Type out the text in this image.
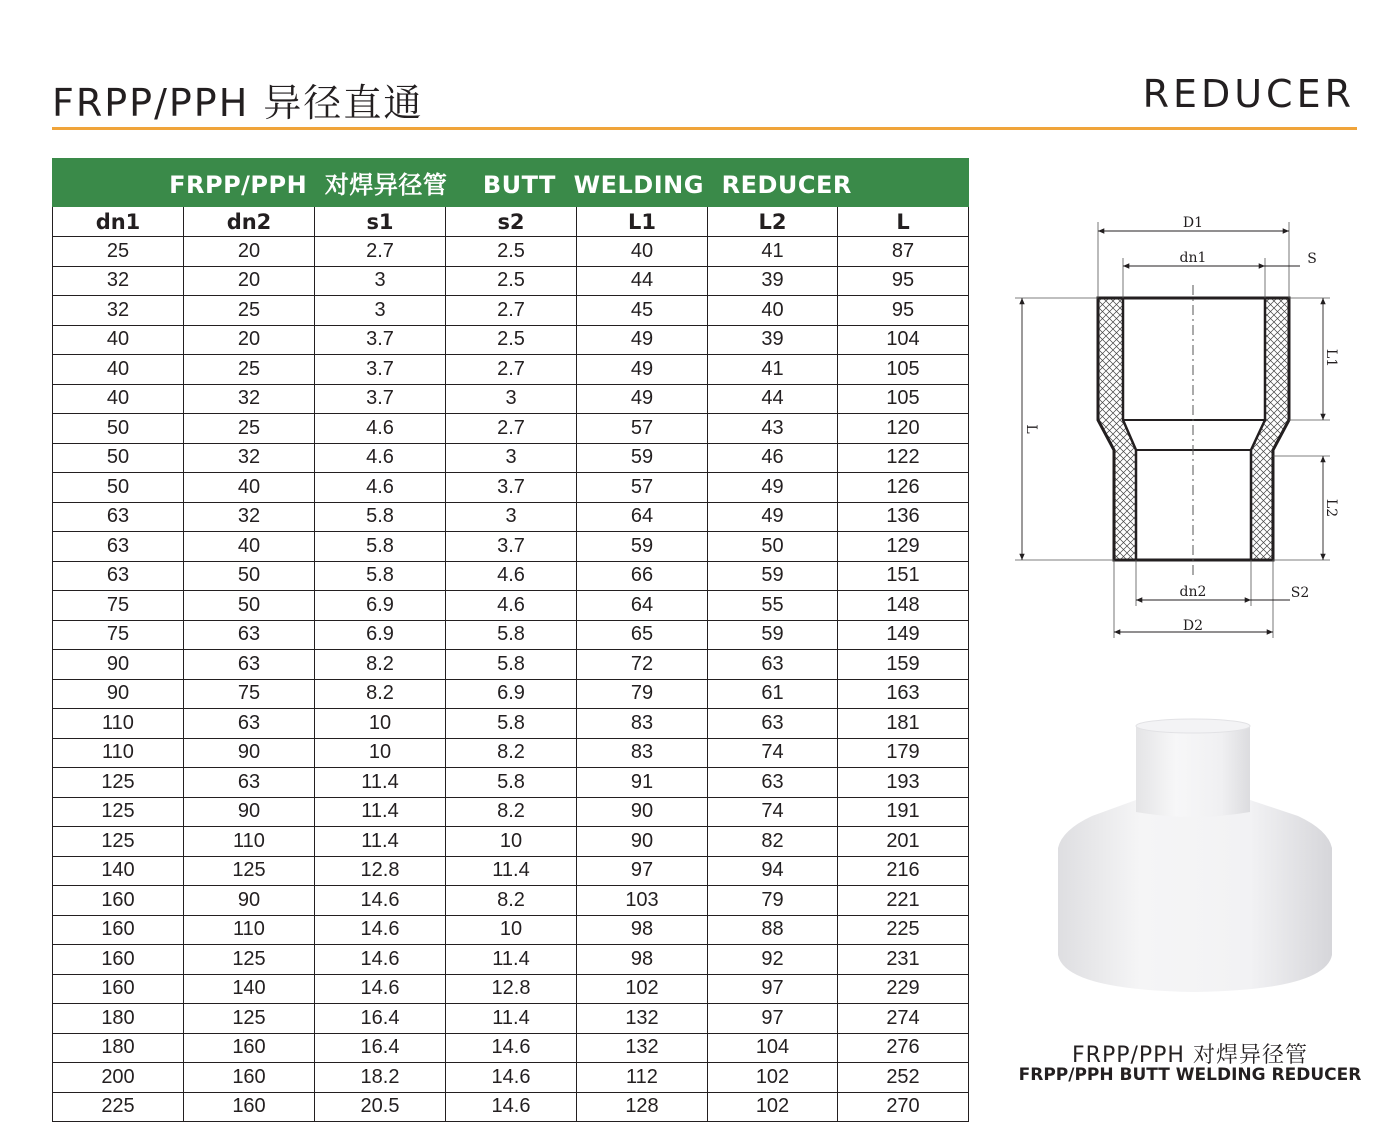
FRPP/PPH 异径直通	REDUCER
FRPP/PPH  对焊异径管    BUTT  WELDING  REDUCER						
dn1	dn2	s1	s2	L1	L2	L
25	20	2.7	2.5	40	41	87
32	20	3	2.5	44	39	95
32	25	3	2.7	45	40	95
40	20	3.7	2.5	49	39	104
40	25	3.7	2.7	49	41	105
40	32	3.7	3	49	44	105
50	25	4.6	2.7	57	43	120
50	32	4.6	3	59	46	122
50	40	4.6	3.7	57	49	126
63	32	5.8	3	64	49	136
63	40	5.8	3.7	59	50	129
63	50	5.8	4.6	66	59	151
75	50	6.9	4.6	64	55	148
75	63	6.9	5.8	65	59	149
90	63	8.2	5.8	72	63	159
90	75	8.2	6.9	79	61	163
110	63	10	5.8	83	63	181
110	90	10	8.2	83	74	179
125	63	11.4	5.8	91	63	193
125	90	11.4	8.2	90	74	191
125	110	11.4	10	90	82	201
140	125	12.8	11.4	97	94	216
160	90	14.6	8.2	103	79	221
160	110	14.6	10	98	88	225
160	125	14.6	11.4	98	92	231
160	140	14.6	12.8	102	97	229
180	125	16.4	11.4	132	97	274
180	160	16.4	14.6	132	104	276
200	160	18.2	14.6	112	102	252
225	160	20.5	14.6	128	102	270
D1
dn1	S
dn2	S2
D2
L
L1
L2
FRPP/PPH 对焊异径管
FRPP/PPH BUTT WELDING REDUCER
